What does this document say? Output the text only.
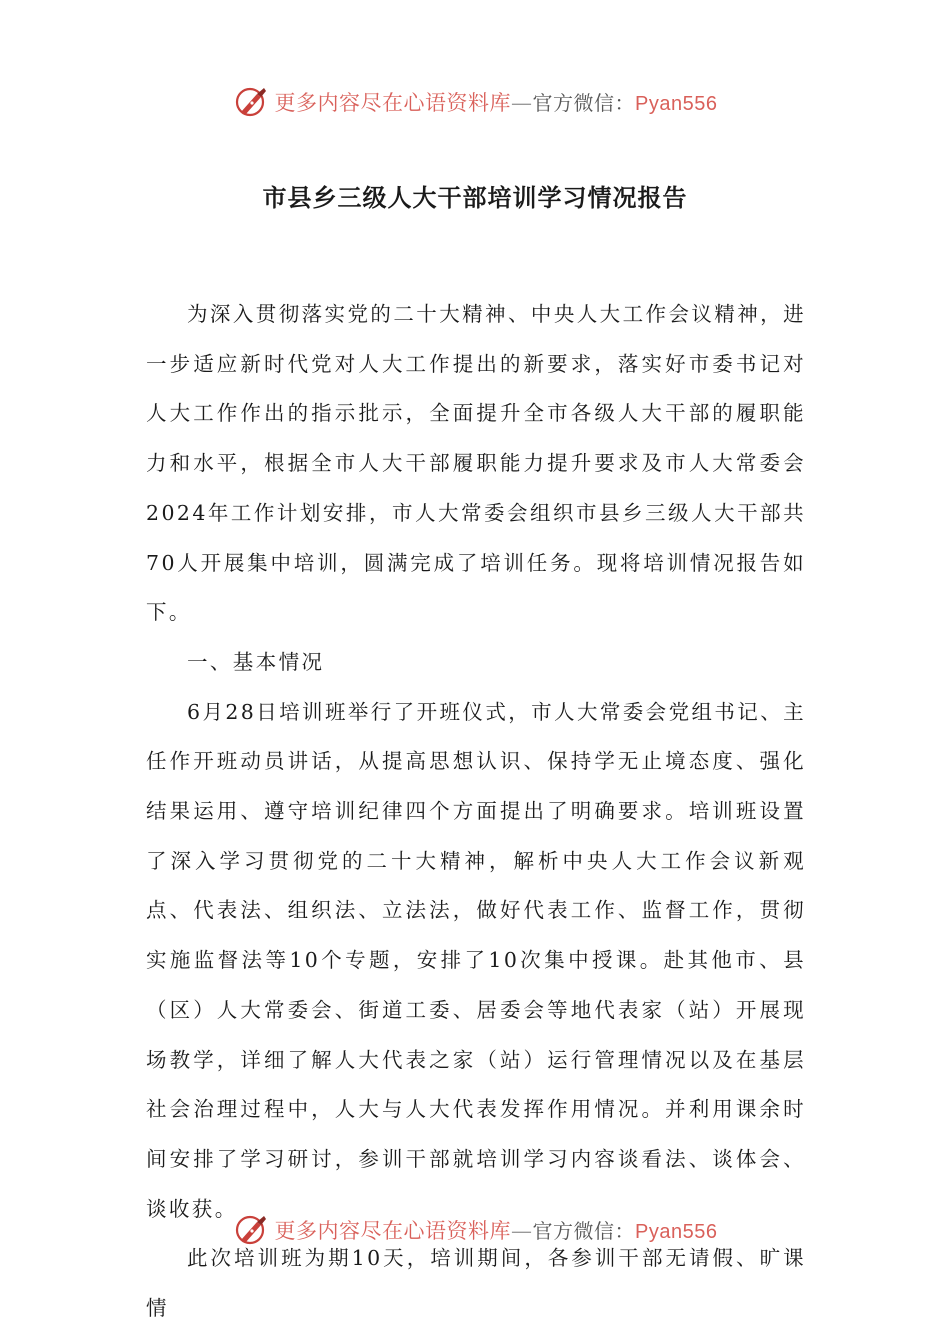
更多内容尽在心语资料库—官方微信：Pyan556
市县乡三级人大干部培训学习情况报告

为深入贯彻落实党的二十大精神、中央人大工作会议精神，进一步适应新时代党对人大工作提出的新要求，落实好市委书记对人大工作作出的指示批示，全面提升全市各级人大干部的履职能力和水平，根据全市人大干部履职能力提升要求及市人大常委会2024年工作计划安排，市人大常委会组织市县乡三级人大干部共70人开展集中培训，圆满完成了培训任务。现将培训情况报告如下。

一、基本情况

6月28日培训班举行了开班仪式，市人大常委会党组书记、主任作开班动员讲话，从提高思想认识、保持学无止境态度、强化结果运用、遵守培训纪律四个方面提出了明确要求。培训班设置了深入学习贯彻党的二十大精神，解析中央人大工作会议新观点、代表法、组织法、立法法，做好代表工作、监督工作，贯彻实施监督法等10个专题，安排了10次集中授课。赴其他市、县（区）人大常委会、街道工委、居委会等地代表家（站）开展现场教学，详细了解人大代表之家（站）运行管理情况以及在基层社会治理过程中，人大与人大代表发挥作用情况。并利用课余时间安排了学习研讨，参训干部就培训学习内容谈看法、谈体会、谈收获。

此次培训班为期10天，培训期间，各参训干部无请假、旷课情

更多内容尽在心语资料库—官方微信：Pyan556
